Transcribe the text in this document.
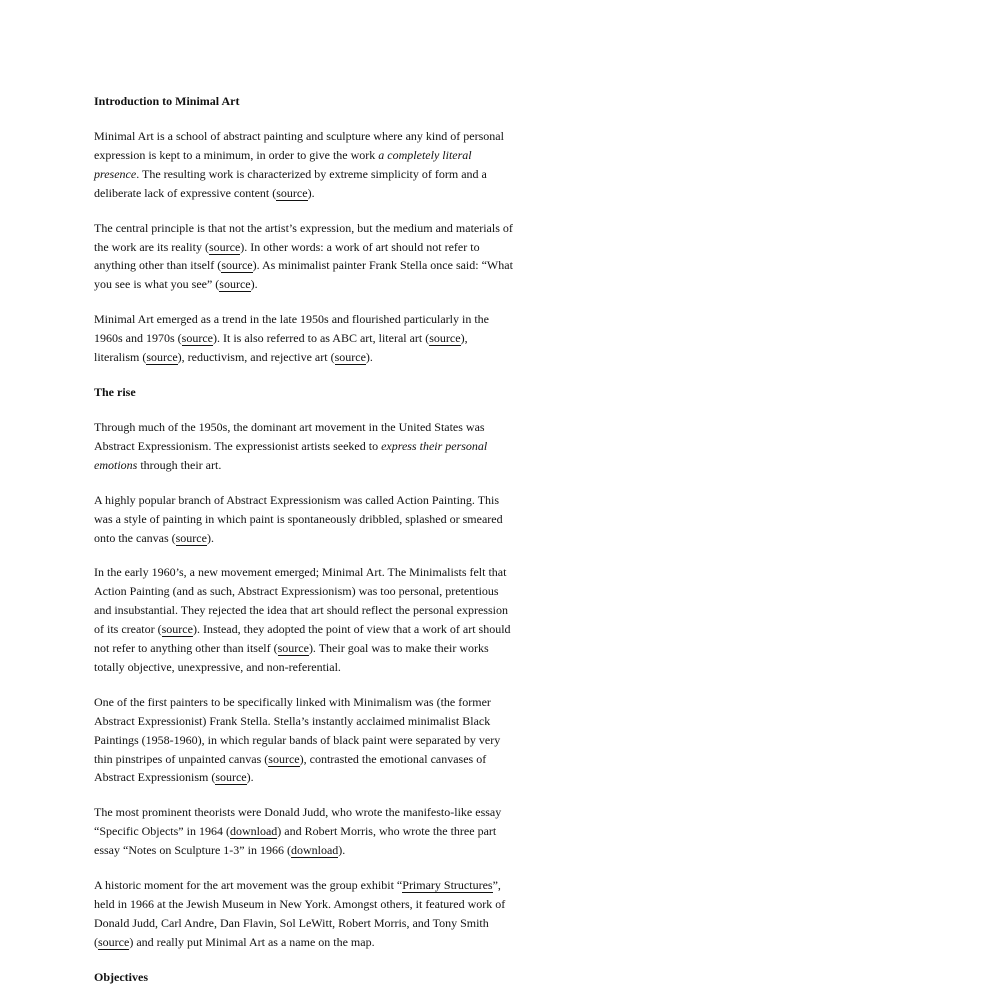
Introduction to Minimal Art

Minimal Art is a school of abstract painting and sculpture where any kind of personal expression is kept to a minimum, in order to give the work a completely literal presence. The resulting work is characterized by extreme simplicity of form and a deliberate lack of expressive content (source).

The central principle is that not the artist’s expression, but the medium and materials of the work are its reality (source). In other words: a work of art should not refer to anything other than itself (source). As minimalist painter Frank Stella once said: “What you see is what you see” (source).

Minimal Art emerged as a trend in the late 1950s and flourished particularly in the 1960s and 1970s (source). It is also referred to as ABC art, literal art (source), literalism (source), reductivism, and rejective art (source).

The rise

Through much of the 1950s, the dominant art movement in the United States was Abstract Expressionism. The expressionist artists seeked to express their personal emotions through their art.

A highly popular branch of Abstract Expressionism was called Action Painting. This was a style of painting in which paint is spontaneously dribbled, splashed or smeared onto the canvas (source).

In the early 1960’s, a new movement emerged; Minimal Art. The Minimalists felt that Action Painting (and as such, Abstract Expressionism) was too personal, pretentious and insubstantial. They rejected the idea that art should reflect the personal expression of its creator (source). Instead, they adopted the point of view that a work of art should not refer to anything other than itself (source). Their goal was to make their works totally objective, unexpressive, and non-referential.

One of the first painters to be specifically linked with Minimalism was (the former Abstract Expressionist) Frank Stella. Stella’s instantly acclaimed minimalist Black Paintings (1958-1960), in which regular bands of black paint were separated by very thin pinstripes of unpainted canvas (source), contrasted the emotional canvases of Abstract Expressionism (source).

The most prominent theorists were Donald Judd, who wrote the manifesto-like essay “Specific Objects” in 1964 (download) and Robert Morris, who wrote the three part essay “Notes on Sculpture 1-3” in 1966 (download).

A historic moment for the art movement was the group exhibit “Primary Structures”, held in 1966 at the Jewish Museum in New York. Amongst others, it featured work of Donald Judd, Carl Andre, Dan Flavin, Sol LeWitt, Robert Morris, and Tony Smith (source) and really put Minimal Art as a name on the map.

Objectives
